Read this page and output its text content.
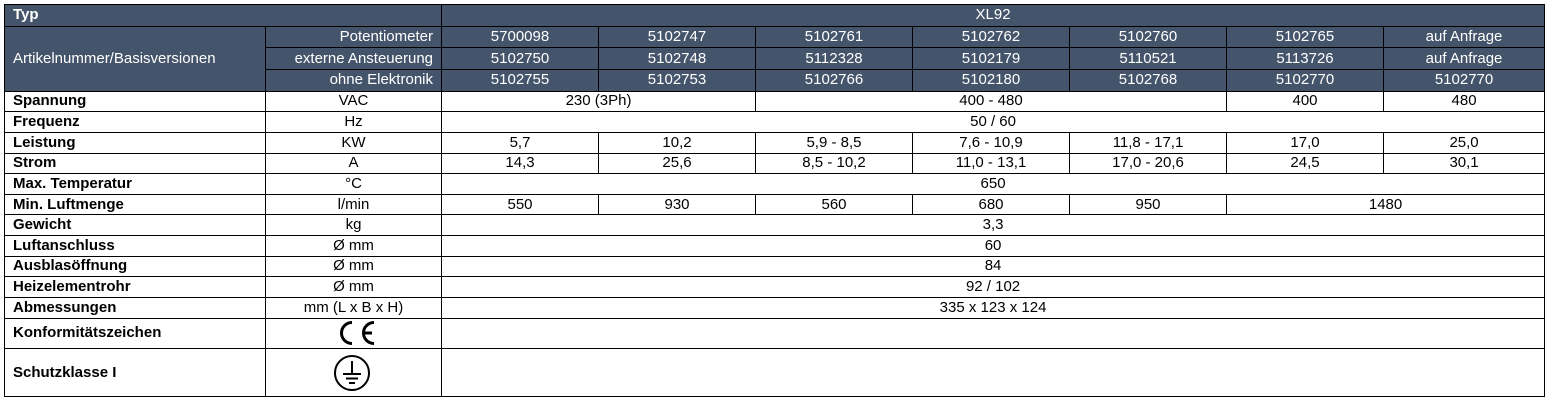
Typ		XL92						
Artikelnummer/Basisversionen	Potentiometer	5700098	5102747	5102761	5102762	5102760	5102765	auf Anfrage
	externe Ansteuerung	5102750	5102748	5112328	5102179	5110521	5113726	auf Anfrage
	ohne Elektronik	5102755	5102753	5102766	5102180	5102768	5102770	5102770
Spannung	VAC	230 (3Ph)		400 - 480			400	480
Frequenz	Hz	50 / 60						
Leistung	KW	5,7	10,2	5,9 - 8,5	7,6 - 10,9	11,8 - 17,1	17,0	25,0
Strom	A	14,3	25,6	8,5 - 10,2	11,0 - 13,1	17,0 - 20,6	24,5	30,1
Max. Temperatur	°C	650						
Min. Luftmenge	l/min	550	930	560	680	950	1480	
Gewicht	kg	3,3						
Luftanschluss	Ø mm	60						
Ausblasöffnung	Ø mm	84						
Heizelementrohr	Ø mm	92 / 102						
Abmessungen	mm (L x B x H)	335 x 123 x 124						
Konformitätszeichen	

Schutzklasse I	
